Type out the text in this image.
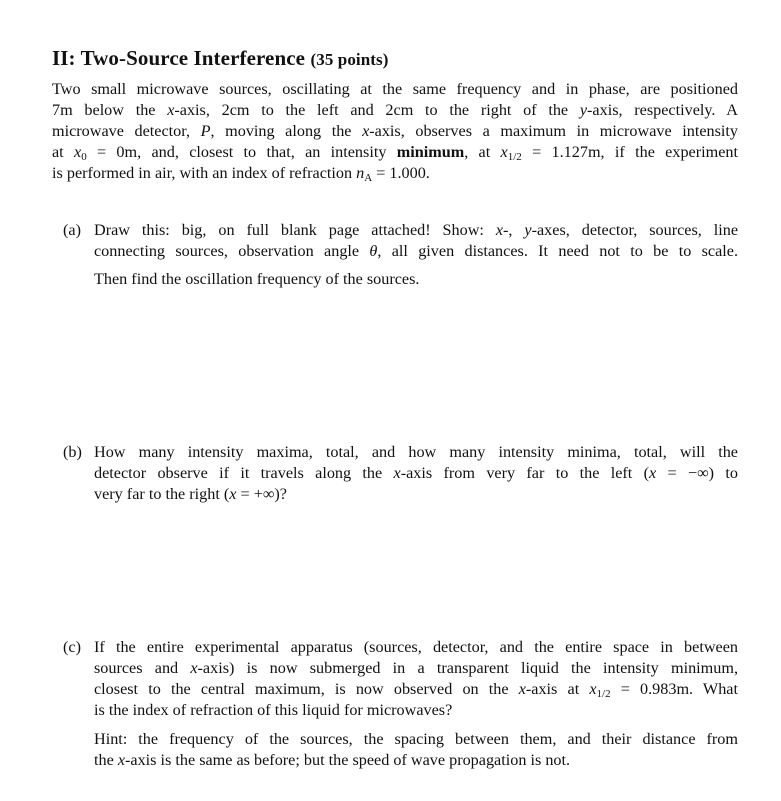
II: Two-Source Interference (35 points)
Two small microwave sources, oscillating at the same frequency and in phase, are positioned
7m below the x-axis, 2cm to the left and 2cm to the right of the y-axis, respectively. A
microwave detector, P, moving along the x-axis, observes a maximum in microwave intensity
at $x_0 = 0m$, and, closest to that, an intensity minimum, at $x_{1/2} = 1.127m$, if the experiment
is performed in air, with an index of refraction $n_A = 1.000$.
(a) Draw this: big, on full blank page attached! Show: x-, y-axes, detector, sources, line
connecting sources, observation angle θ, all given distances. It need not to be to scale.
Then find the oscillation frequency of the sources.
(b) How many intensity maxima, total, and how many intensity minima, total, will the
detector observe if it travels along the x-axis from very far to the left (x = −∞) to
very far to the right (x = +∞)?
(c) If the entire experimental apparatus (sources, detector, and the entire space in between
sources and x-axis) is now submerged in a transparent liquid the intensity minimum,
closest to the central maximum, is now observed on the x-axis at $x_{1/2} = 0.983m$. What
is the index of refraction of this liquid for microwaves?
Hint: the frequency of the sources, the spacing between them, and their distance from
the x-axis is the same as before; but the speed of wave propagation is not.
